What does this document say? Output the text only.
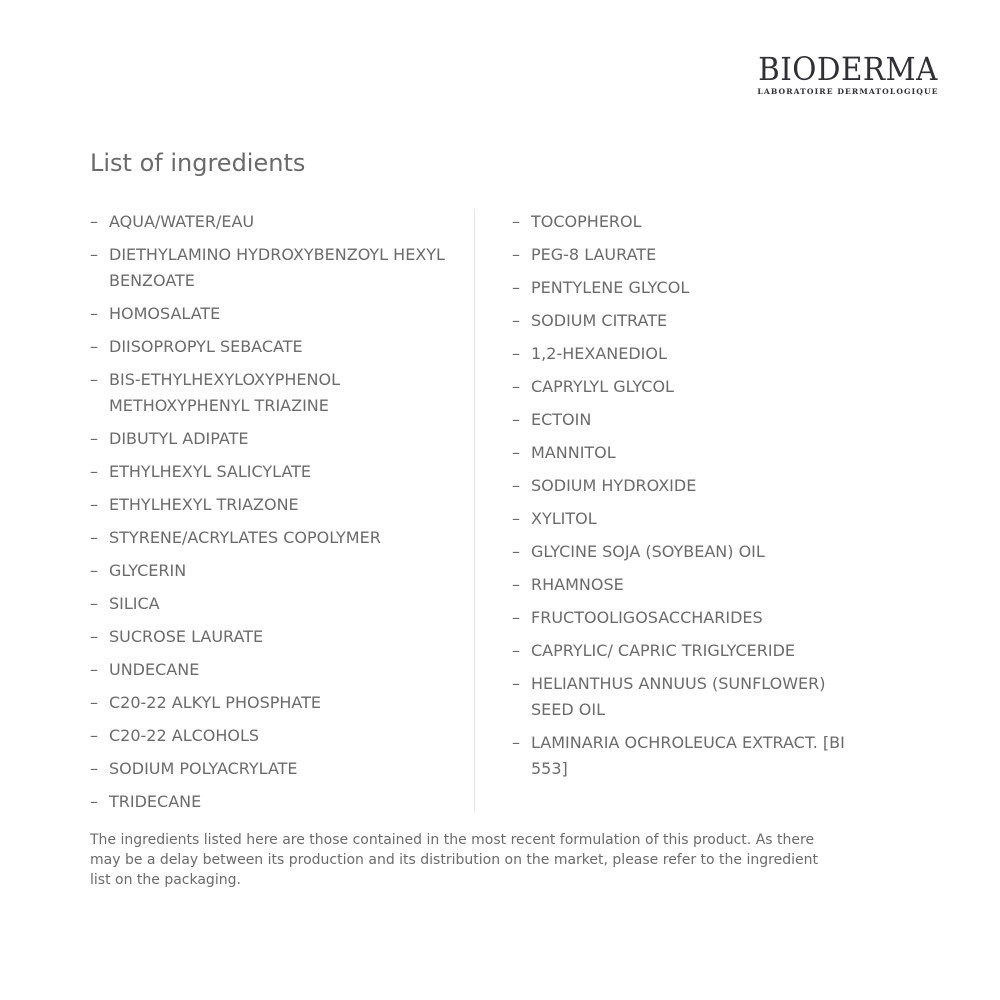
BIODERMA
LABORATOIRE DERMATOLOGIQUE
List of ingredients
– AQUA/WATER/EAU
– DIETHYLAMINO HYDROXYBENZOYL HEXYL BENZOATE
– HOMOSALATE
– DIISOPROPYL SEBACATE
– BIS-ETHYLHEXYLOXYPHENOL METHOXYPHENYL TRIAZINE
– DIBUTYL ADIPATE
– ETHYLHEXYL SALICYLATE
– ETHYLHEXYL TRIAZONE
– STYRENE/ACRYLATES COPOLYMER
– GLYCERIN
– SILICA
– SUCROSE LAURATE
– UNDECANE
– C20-22 ALKYL PHOSPHATE
– C20-22 ALCOHOLS
– SODIUM POLYACRYLATE
– TRIDECANE
– TOCOPHEROL
– PEG-8 LAURATE
– PENTYLENE GLYCOL
– SODIUM CITRATE
– 1,2-HEXANEDIOL
– CAPRYLYL GLYCOL
– ECTOIN
– MANNITOL
– SODIUM HYDROXIDE
– XYLITOL
– GLYCINE SOJA (SOYBEAN) OIL
– RHAMNOSE
– FRUCTOOLIGOSACCHARIDES
– CAPRYLIC/ CAPRIC TRIGLYCERIDE
– HELIANTHUS ANNUUS (SUNFLOWER) SEED OIL
– LAMINARIA OCHROLEUCA EXTRACT. [BI 553]

The ingredients listed here are those contained in the most recent formulation of this product. As there may be a delay between its production and its distribution on the market, please refer to the ingredient list on the packaging.
